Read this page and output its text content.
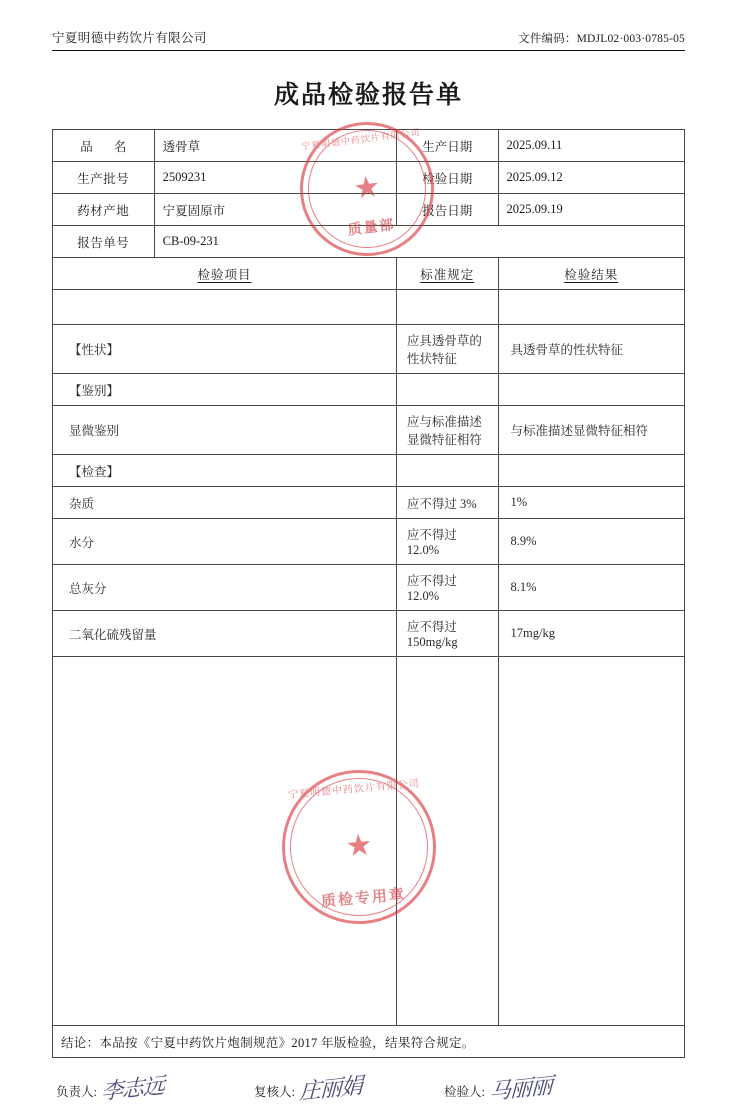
宁夏明德中药饮片有限公司	文件编码：MDJL02·003·0785-05
成品检验报告单
品 名	透骨草	生产日期	2025.09.11
生产批号	2509231	检验日期	2025.09.12
药材产地	宁夏固原市	报告日期	2025.09.19
报告单号	CB-09-231		
检验项目		标准规定	检验结果

【性状】		应具透骨草的性状特征	具透骨草的性状特征
【鉴别】			
显微鉴别		应与标准描述显微特征相符	与标准描述显微特征相符
【检查】			
杂质		应不得过 3%	1%
水分		应不得过 12.0%	8.9%
总灰分		应不得过 12.0%	8.1%
二氧化硫残留量		应不得过 150mg/kg	17mg/kg

结论：本品按《宁夏中药饮片炮制规范》2017 年版检验，结果符合规定。			
负责人: 李志远	复核人: 庄丽娟	检验人: 马丽丽
宁夏明德中药饮片有限公司
★
质量部
宁夏明德中药饮片有限公司
★
质检专用章
